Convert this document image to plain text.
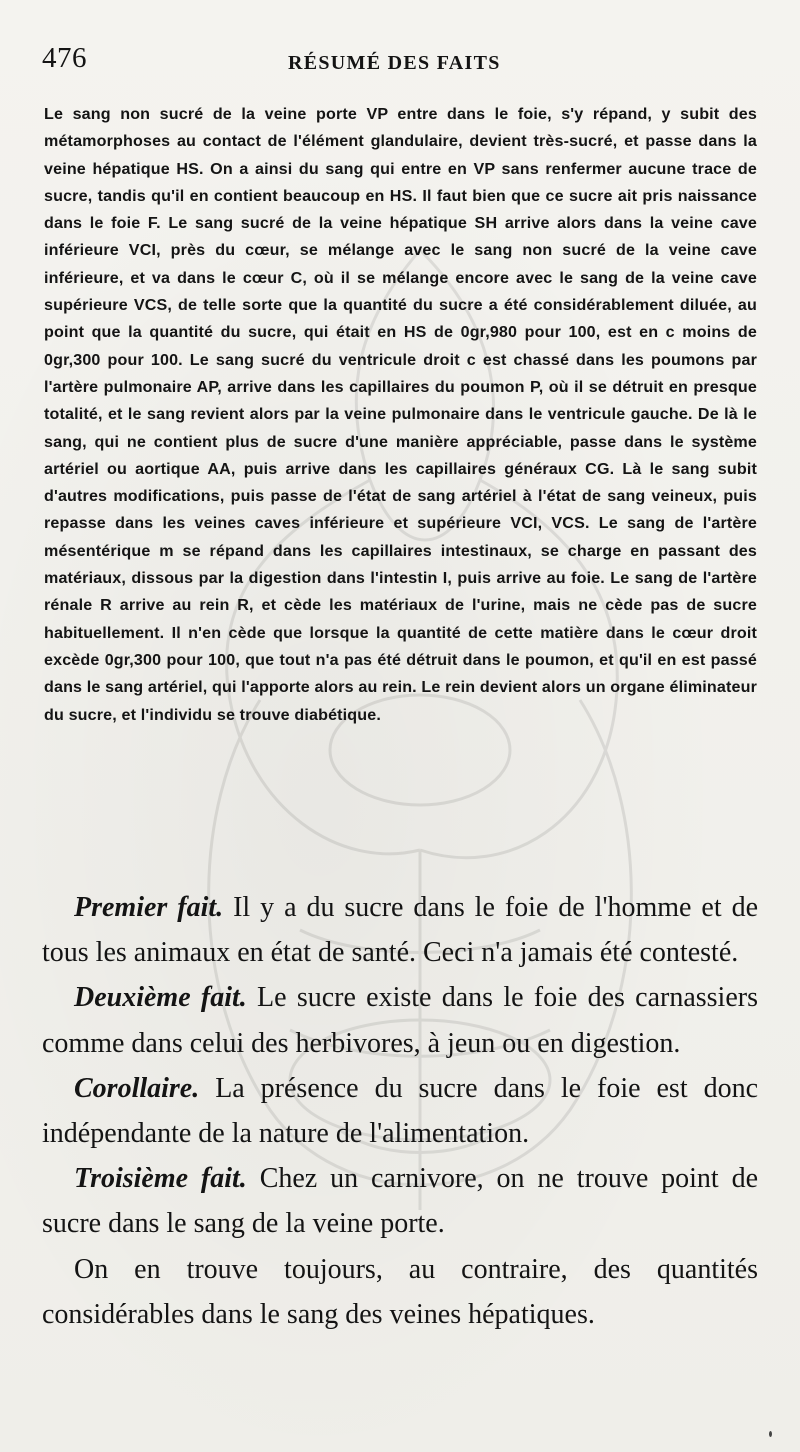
476	RÉSUMÉ DES FAITS

Le sang non sucré de la veine porte VP entre dans le foie, s'y répand, y subit des métamorphoses au contact de l'élément glandulaire, devient très-sucré, et passe dans la veine hépatique HS. On a ainsi du sang qui entre en VP sans renfermer aucune trace de sucre, tandis qu'il en contient beaucoup en HS. Il faut bien que ce sucre ait pris naissance dans le foie F. Le sang sucré de la veine hépatique SH arrive alors dans la veine cave inférieure VCI, près du cœur, se mélange avec le sang non sucré de la veine cave inférieure, et va dans le cœur C, où il se mélange encore avec le sang de la veine cave supérieure VCS, de telle sorte que la quantité du sucre a été considérablement diluée, au point que la quantité du sucre, qui était en HS de 0gr,980 pour 100, est en c moins de 0gr,300 pour 100. Le sang sucré du ventricule droit c est chassé dans les poumons par l'artère pulmonaire AP, arrive dans les capillaires du poumon P, où il se détruit en presque totalité, et le sang revient alors par la veine pulmonaire dans le ventricule gauche. De là le sang, qui ne contient plus de sucre d'une manière appréciable, passe dans le système artériel ou aortique AA, puis arrive dans les capillaires généraux CG. Là le sang subit d'autres modifications, puis passe de l'état de sang artériel à l'état de sang veineux, puis repasse dans les veines caves inférieure et supérieure VCI, VCS. Le sang de l'artère mésentérique m se répand dans les capillaires intestinaux, se charge en passant des matériaux, dissous par la digestion dans l'intestin I, puis arrive au foie. Le sang de l'artère rénale R arrive au rein R, et cède les matériaux de l'urine, mais ne cède pas de sucre habituellement. Il n'en cède que lorsque la quantité de cette matière dans le cœur droit excède 0gr,300 pour 100, que tout n'a pas été détruit dans le poumon, et qu'il en est passé dans le sang artériel, qui l'apporte alors au rein. Le rein devient alors un organe éliminateur du sucre, et l'individu se trouve diabétique.

Premier fait. Il y a du sucre dans le foie de l'homme et de tous les animaux en état de santé. Ceci n'a jamais été contesté.

Deuxième fait. Le sucre existe dans le foie des carnassiers comme dans celui des herbivores, à jeun ou en digestion.

Corollaire. La présence du sucre dans le foie est donc indépendante de la nature de l'alimentation.

Troisième fait. Chez un carnivore, on ne trouve point de sucre dans le sang de la veine porte.

On en trouve toujours, au contraire, des quantités considérables dans le sang des veines hépatiques.
